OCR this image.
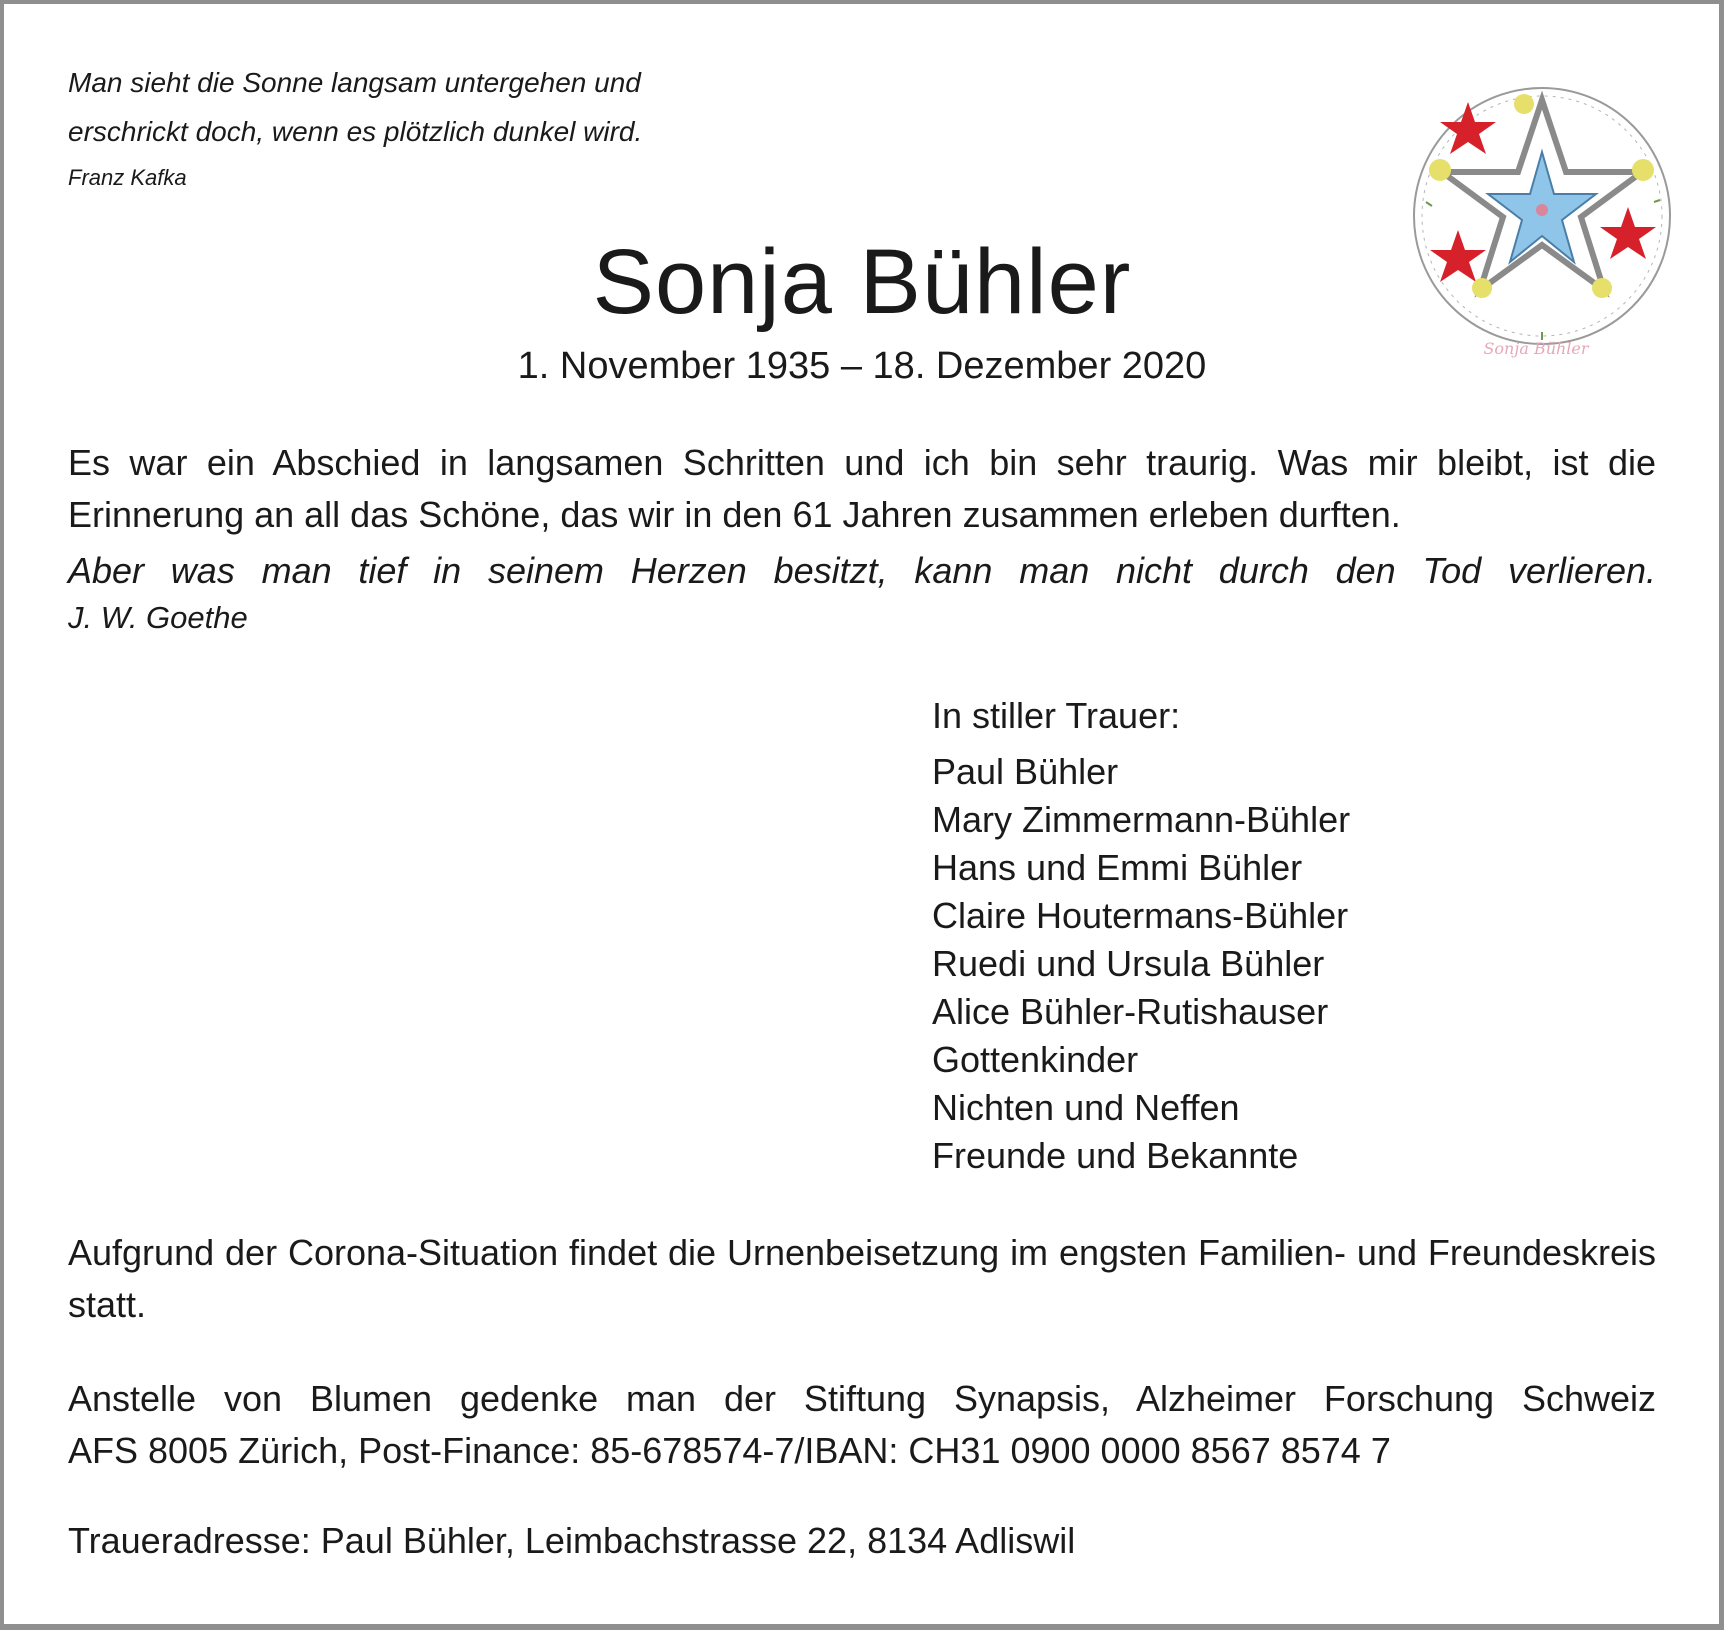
Man sieht die Sonne langsam untergehen und
erschrickt doch, wenn es plötzlich dunkel wird.
Franz Kafka
Sonja Bühler
Sonja Bühler
1. November 1935 – 18. Dezember 2020
Es war ein Abschied in langsamen Schritten und ich bin sehr traurig. Was mir bleibt, ist die
Erinnerung an all das Schöne, das wir in den 61 Jahren zusammen erleben durften.
Aber was man tief in seinem Herzen besitzt, kann man nicht durch den Tod verlieren.
J. W. Goethe
In stiller Trauer:
Paul Bühler
Mary Zimmermann-Bühler
Hans und Emmi Bühler
Claire Houtermans-Bühler
Ruedi und Ursula Bühler
Alice Bühler-Rutishauser
Gottenkinder
Nichten und Neffen
Freunde und Bekannte
Aufgrund der Corona-Situation findet die Urnenbeisetzung im engsten Familien- und Freundeskreis statt.
Anstelle von Blumen gedenke man der Stiftung Synapsis, Alzheimer Forschung Schweiz
AFS 8005 Zürich, Post-Finance: 85-678574-7/IBAN: CH31 0900 0000 8567 8574 7
Traueradresse: Paul Bühler, Leimbachstrasse 22, 8134 Adliswil
